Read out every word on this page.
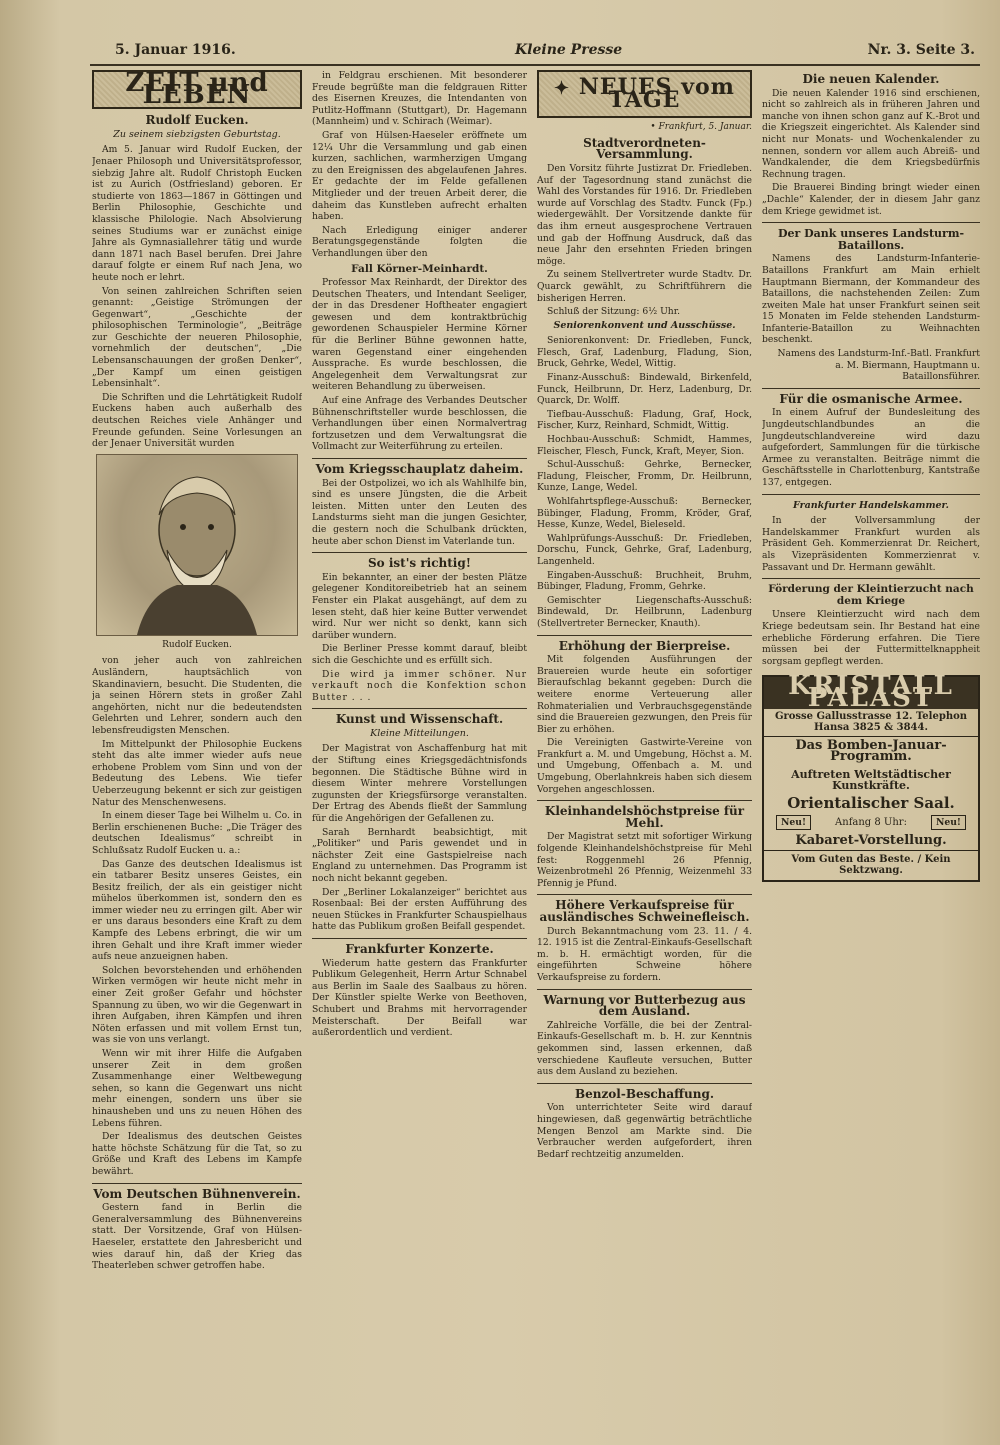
5. Januar 1916.	Kleine Presse	Nr. 3. Seite 3.
ZEIT und LEBEN
Rudolf Eucken.
Zu seinem siebzigsten Geburtstag.

Am 5. Januar wird Rudolf Eucken, der Jenaer Philosoph und Universitätsprofessor, siebzig Jahre alt. Rudolf Christoph Eucken ist zu Aurich (Ostfriesland) geboren. Er studierte von 1863—1867 in Göttingen und Berlin Philosophie, Geschichte und klassische Philologie. Nach Absolvierung seines Studiums war er zunächst einige Jahre als Gymnasiallehrer tätig und wurde dann 1871 nach Basel berufen. Drei Jahre darauf folgte er einem Ruf nach Jena, wo heute noch er lehrt.

Von seinen zahlreichen Schriften seien genannt: „Geistige Strömungen der Gegenwart“, „Geschichte der philosophischen Terminologie“, „Beiträge zur Geschichte der neueren Philosophie, vornehmlich der deutschen“, „Die Lebensanschauungen der großen Denker“, „Der Kampf um einen geistigen Lebensinhalt“.

Die Schriften und die Lehrtätigkeit Rudolf Euckens haben auch außerhalb des deutschen Reiches viele Anhänger und Freunde gefunden. Seine Vorlesungen an der Jenaer Universität wurden

Rudolf Eucken.

von jeher auch von zahlreichen Ausländern, hauptsächlich von Skandinaviern, besucht. Die Studenten, die ja seinen Hörern stets in großer Zahl angehörten, nicht nur die bedeutendsten Gelehrten und Lehrer, sondern auch den lebensfreudigsten Menschen.

Im Mittelpunkt der Philosophie Euckens steht das alte immer wieder aufs neue erhobene Problem vom Sinn und von der Bedeutung des Lebens. Wie tiefer Ueberzeugung bekennt er sich zur geistigen Natur des Menschenwesens.

In einem dieser Tage bei Wilhelm u. Co. in Berlin erschienenen Buche: „Die Träger des deutschen Idealismus“ schreibt in Schlußsatz Rudolf Eucken u. a.:

Das Ganze des deutschen Idealismus ist ein tatbarer Besitz unseres Geistes, ein Besitz freilich, der als ein geistiger nicht mühelos überkommen ist, sondern den es immer wieder neu zu erringen gilt. Aber wir er uns daraus besonders eine Kraft zu dem Kampfe des Lebens erbringt, die wir um ihren Gehalt und ihre Kraft immer wieder aufs neue anzueignen haben.

Solchen bevorstehenden und erhöhenden Wirken vermögen wir heute nicht mehr in einer Zeit großer Gefahr und höchster Spannung zu üben, wo wir die Gegenwart in ihren Aufgaben, ihren Kämpfen und ihren Nöten erfassen und mit vollem Ernst tun, was sie von uns verlangt.

Wenn wir mit ihrer Hilfe die Aufgaben unserer Zeit in dem großen Zusammenhange einer Weltbewegung sehen, so kann die Gegenwart uns nicht mehr einengen, sondern uns über sie hinausheben und uns zu neuen Höhen des Lebens führen.

Der Idealismus des deutschen Geistes hatte höchste Schätzung für die Tat, so zu Größe und Kraft des Lebens im Kampfe bewährt.

Vom Deutschen Bühnenverein.

Gestern fand in Berlin die Generalversammlung des Bühnenvereins statt. Der Vorsitzende, Graf von Hülsen-Haeseler, erstattete den Jahresbericht und wies darauf hin, daß der Krieg das Theaterleben schwer getroffen habe.

in Feldgrau erschienen. Mit besonderer Freude begrüßte man die feldgrauen Ritter des Eisernen Kreuzes, die Intendanten von Putlitz-Hoffmann (Stuttgart), Dr. Hagemann (Mannheim) und v. Schirach (Weimar).

Graf von Hülsen-Haeseler eröffnete um 12¼ Uhr die Versammlung und gab einen kurzen, sachlichen, warmherzigen Umgang zu den Ereignissen des abgelaufenen Jahres. Er gedachte der im Felde gefallenen Mitglieder und der treuen Arbeit derer, die daheim das Kunstleben aufrecht erhalten haben.

Nach Erledigung einiger anderer Beratungsgegenstände folgten die Verhandlungen über den

Fall Körner-Meinhardt.

Professor Max Reinhardt, der Direktor des Deutschen Theaters, und Intendant Seeliger, der in das Dresdener Hoftheater engagiert gewesen und dem kontraktbrüchig gewordenen Schauspieler Hermine Körner für die Berliner Bühne gewonnen hatte, waren Gegenstand einer eingehenden Aussprache. Es wurde beschlossen, die Angelegenheit dem Verwaltungsrat zur weiteren Behandlung zu überweisen.

Auf eine Anfrage des Verbandes Deutscher Bühnenschriftsteller wurde beschlossen, die Verhandlungen über einen Normalvertrag fortzusetzen und dem Verwaltungsrat die Vollmacht zur Weiterführung zu erteilen.

Vom Kriegsschauplatz daheim.

Bei der Ostpolizei, wo ich als Wahlhilfe bin, sind es unsere Jüngsten, die die Arbeit leisten. Mitten unter den Leuten des Landsturms sieht man die jungen Gesichter, die gestern noch die Schulbank drückten, heute aber schon Dienst im Vaterlande tun.

So ist's richtig!

Ein bekannter, an einer der besten Plätze gelegener Konditoreibetrieb hat an seinem Fenster ein Plakat ausgehängt, auf dem zu lesen steht, daß hier keine Butter verwendet wird. Nur wer nicht so denkt, kann sich darüber wundern.

Die Berliner Presse kommt darauf, bleibt sich die Geschichte und es erfüllt sich.

Die wird ja immer schöner. Nur verkauft noch die Konfektion schon Butter . . .

Kunst und Wissenschaft.
Kleine Mitteilungen.

Der Magistrat von Aschaffenburg hat mit der Stiftung eines Kriegsgedächtnisfonds begonnen. Die Städtische Bühne wird in diesem Winter mehrere Vorstellungen zugunsten der Kriegsfürsorge veranstalten. Der Ertrag des Abends fließt der Sammlung für die Angehörigen der Gefallenen zu.

Sarah Bernhardt beabsichtigt, mit „Politiker“ und Paris gewendet und in nächster Zeit eine Gastspielreise nach England zu unternehmen. Das Programm ist noch nicht bekannt gegeben.

Der „Berliner Lokalanzeiger“ berichtet aus Rosenbaal: Bei der ersten Aufführung des neuen Stückes in Frankfurter Schauspielhaus hatte das Publikum großen Beifall gespendet.

Frankfurter Konzerte.

Wiederum hatte gestern das Frankfurter Publikum Gelegenheit, Herrn Artur Schnabel aus Berlin im Saale des Saalbaus zu hören. Der Künstler spielte Werke von Beethoven, Schubert und Brahms mit hervorragender Meisterschaft. Der Beifall war außerordentlich und verdient.

✦ NEUES vom TAGE
• Frankfurt, 5. Januar.
Stadtverordneten-Versammlung.

Den Vorsitz führte Justizrat Dr. Friedleben. Auf der Tagesordnung stand zunächst die Wahl des Vorstandes für 1916. Dr. Friedleben wurde auf Vorschlag des Stadtv. Funck (Fp.) wiedergewählt. Der Vorsitzende dankte für das ihm erneut ausgesprochene Vertrauen und gab der Hoffnung Ausdruck, daß das neue Jahr den ersehnten Frieden bringen möge.

Zu seinem Stellvertreter wurde Stadtv. Dr. Quarck gewählt, zu Schriftführern die bisherigen Herren.

Schluß der Sitzung: 6½ Uhr.

Seniorenkonvent und Ausschüsse.

Seniorenkonvent: Dr. Friedleben, Funck, Flesch, Graf, Ladenburg, Fladung, Sion, Bruck, Gehrke, Wedel, Wittig.

Finanz-Ausschuß: Bindewald, Birkenfeld, Funck, Heilbrunn, Dr. Herz, Ladenburg, Dr. Quarck, Dr. Wolff.

Tiefbau-Ausschuß: Fladung, Graf, Hock, Fischer, Kurz, Reinhard, Schmidt, Wittig.

Hochbau-Ausschuß: Schmidt, Hammes, Fleischer, Flesch, Funck, Kraft, Meyer, Sion.

Schul-Ausschuß: Gehrke, Bernecker, Fladung, Fleischer, Fromm, Dr. Heilbrunn, Kunze, Lange, Wedel.

Wohlfahrtspflege-Ausschuß: Bernecker, Bübinger, Fladung, Fromm, Kröder, Graf, Hesse, Kunze, Wedel, Bieleseld.

Wahlprüfungs-Ausschuß: Dr. Friedleben, Dorschu, Funck, Gehrke, Graf, Ladenburg, Langenheld.

Eingaben-Ausschuß: Bruchheit, Bruhm, Bübinger, Fladung, Fromm, Gehrke.

Gemischter Liegenschafts-Ausschuß: Bindewald, Dr. Heilbrunn, Ladenburg (Stellvertreter Bernecker, Knauth).

Erhöhung der Bierpreise.

Mit folgenden Ausführungen der Brauereien wurde heute ein sofortiger Bieraufschlag bekannt gegeben: Durch die weitere enorme Verteuerung aller Rohmaterialien und Verbrauchsgegenstände sind die Brauereien gezwungen, den Preis für Bier zu erhöhen.

Die Vereinigten Gastwirte-Vereine von Frankfurt a. M. und Umgebung, Höchst a. M. und Umgebung, Offenbach a. M. und Umgebung, Oberlahnkreis haben sich diesem Vorgehen angeschlossen.

Kleinhandelshöchstpreise für Mehl.

Der Magistrat setzt mit sofortiger Wirkung folgende Kleinhandelshöchstpreise für Mehl fest: Roggenmehl 26 Pfennig, Weizenbrotmehl 26 Pfennig, Weizenmehl 33 Pfennig je Pfund.

Höhere Verkaufspreise für ausländisches Schweinefleisch.

Durch Bekanntmachung vom 23. 11. / 4. 12. 1915 ist die Zentral-Einkaufs-Gesellschaft m. b. H. ermächtigt worden, für die eingeführten Schweine höhere Verkaufspreise zu fordern.

Warnung vor Butterbezug aus dem Ausland.

Zahlreiche Vorfälle, die bei der Zentral-Einkaufs-Gesellschaft m. b. H. zur Kenntnis gekommen sind, lassen erkennen, daß verschiedene Kaufleute versuchen, Butter aus dem Ausland zu beziehen.

Benzol-Beschaffung.

Von unterrichteter Seite wird darauf hingewiesen, daß gegenwärtig beträchtliche Mengen Benzol am Markte sind. Die Verbraucher werden aufgefordert, ihren Bedarf rechtzeitig anzumelden.

Die neuen Kalender.

Die neuen Kalender 1916 sind erschienen, nicht so zahlreich als in früheren Jahren und manche von ihnen schon ganz auf K.-Brot und die Kriegszeit eingerichtet. Als Kalender sind nicht nur Monats- und Wochenkalender zu nennen, sondern vor allem auch Abreiß- und Wandkalender, die dem Kriegsbedürfnis Rechnung tragen.

Die Brauerei Binding bringt wieder einen „Dachle“ Kalender, der in diesem Jahr ganz dem Kriege gewidmet ist.

Der Dank unseres Landsturm-Bataillons.

Namens des Landsturm-Infanterie-Bataillons Frankfurt am Main erhielt Hauptmann Biermann, der Kommandeur des Bataillons, die nachstehenden Zeilen: Zum zweiten Male hat unser Frankfurt seinen seit 15 Monaten im Felde stehenden Landsturm-Infanterie-Bataillon zu Weihnachten beschenkt.

Namens des Landsturm-Inf.-Batl. Frankfurt a. M. Biermann, Hauptmann u. Bataillonsführer.

Für die osmanische Armee.

In einem Aufruf der Bundesleitung des Jungdeutschlandbundes an die Jungdeutschlandvereine wird dazu aufgefordert, Sammlungen für die türkische Armee zu veranstalten. Beiträge nimmt die Geschäftsstelle in Charlottenburg, Kantstraße 137, entgegen.

Frankfurter Handelskammer.

In der Vollversammlung der Handelskammer Frankfurt wurden als Präsident Geh. Kommerzienrat Dr. Reichert, als Vizepräsidenten Kommerzienrat v. Passavant und Dr. Hermann gewählt.

Förderung der Kleintierzucht nach dem Kriege

Unsere Kleintierzucht wird nach dem Kriege bedeutsam sein. Ihr Bestand hat eine erhebliche Förderung erfahren. Die Tiere müssen bei der Futtermittelknappheit sorgsam gepflegt werden.

KRISTALL PALAST
Grosse Gallusstrasse 12. Telephon Hansa 3825 & 3844.
Das Bomben-Januar-Programm.
Auftreten Weltstädtischer Kunstkräfte.
Orientalischer Saal.
Neu!	Anfang 8 Uhr:	Neu!
Kabaret-Vorstellung.
Vom Guten das Beste. / Kein Sektzwang.
